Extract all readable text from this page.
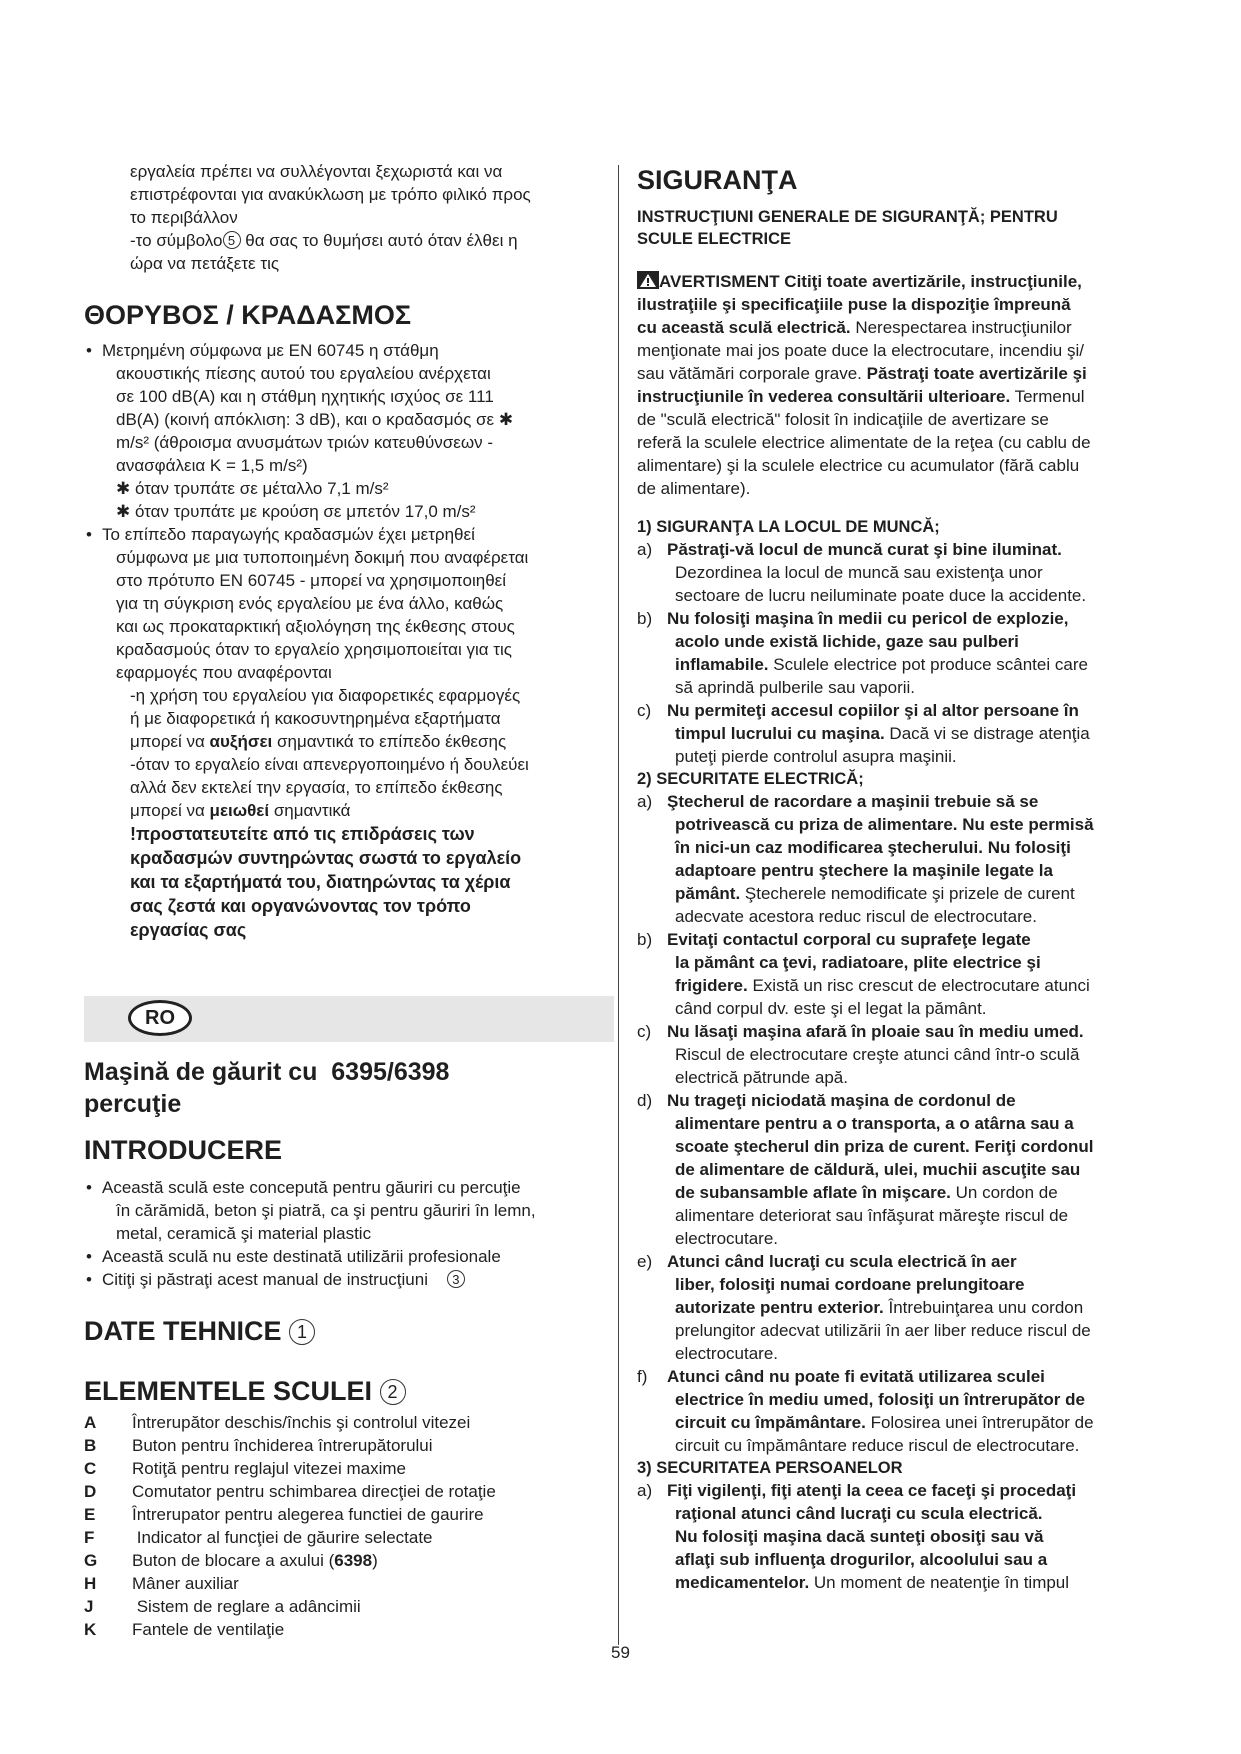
εργαλεία πρέπει να συλλέγονται ξεχωριστά και να

επιστρέφονται για ανακύκλωση με τρόπο φιλικό προς

το περιβάλλον

-το σύμβολο 5 θα σας το θυμήσει αυτό όταν έλθει η

ώρα να πετάξετε τις

ΘΟΡΥΒΟΣ / ΚΡΑΔΑΣΜΟΣ

• Μετρημένη σύμφωνα με EN 60745 η στάθμη

ακουστικής πίεσης αυτού του εργαλείου ανέρχεται

σε 100 dB(A) και η στάθμη ηχητικής ισχύος σε 111

dB(A) (κοινή απόκλιση: 3 dB), και ο κραδασμός σε ✱

m/s² (άθροισμα ανυσμάτων τριών κατευθύνσεων -

ανασφάλεια K = 1,5 m/s²)

✱ όταν τρυπάτε σε μέταλλο 7,1 m/s²

✱ όταν τρυπάτε με κρούση σε μπετόν 17,0 m/s²

• Το επίπεδο παραγωγής κραδασμών έχει μετρηθεί

σύμφωνα με μια τυποποιημένη δοκιμή που αναφέρεται

στο πρότυπο EN 60745 - μπορεί να χρησιμοποιηθεί

για τη σύγκριση ενός εργαλείου με ένα άλλο, καθώς

και ως προκαταρκτική αξιολόγηση της έκθεσης στους

κραδασμούς όταν το εργαλείο χρησιμοποιείται για τις

εφαρμογές που αναφέρονται

-η χρήση του εργαλείου για διαφορετικές εφαρμογές

ή με διαφορετικά ή κακοσυντηρημένα εξαρτήματα

μπορεί να αυξήσει σημαντικά το επίπεδο έκθεσης

-όταν το εργαλείο είναι απενεργοποιημένο ή δουλεύει

αλλά δεν εκτελεί την εργασία, το επίπεδο έκθεσης

μπορεί να μειωθεί σημαντικά

!προστατευτείτε από τις επιδράσεις των

κραδασμών συντηρώντας σωστά το εργαλείο

και τα εξαρτήματά του, διατηρώντας τα χέρια

σας ζεστά και οργανώνοντας τον τρόπο

εργασίας σας

RO
Maşină de găurit cu  6395/6398
percuţie
INTRODUCERE

• Această sculă este concepută pentru găuriri cu percuţie

în cărămidă, beton şi piatră, ca şi pentru găuriri în lemn,

metal, ceramică şi material plastic

• Această sculă nu este destinată utilizării profesionale
• Citiţi şi păstraţi acest manual de instrucţiuni 3
DATE TEHNICE 1
ELEMENTELE SCULEI 2
A	Întrerupător deschis/închis şi controlul vitezei
B	Buton pentru închiderea întrerupătorului
C	Rotiţă pentru reglajul vitezei maxime
D	Comutator pentru schimbarea direcţiei de rotaţie
E	Întrerupator pentru alegerea functiei de gaurire
F	Indicator al funcţiei de găurire selectate
G	Buton de blocare a axului (6398)
H	Mâner auxiliar
J	Sistem de reglare a adâncimii
K	Fantele de ventilaţie
SIGURANŢA
INSTRUCŢIUNI GENERALE DE SIGURANŢĂ; PENTRU
SCULE ELECTRICE

AVERTISMENT Citiţi toate avertizările, instrucţiunile,

ilustraţiile şi specificaţiile puse la dispoziţie împreună

cu această sculă electrică. Nerespectarea instrucţiunilor

menţionate mai jos poate duce la electrocutare, incendiu şi/

sau vătămări corporale grave. Păstraţi toate avertizările şi

instrucţiunile în vederea consultării ulterioare. Termenul

de "sculă electrică" folosit în indicaţiile de avertizare se

referă la sculele electrice alimentate de la reţea (cu cablu de

alimentare) şi la sculele electrice cu acumulator (fără cablu

de alimentare).

1) SIGURANŢA LA LOCUL DE MUNCĂ;
a) Păstraţi-vă locul de muncă curat şi bine iluminat.

Dezordinea la locul de muncă sau existenţa unor

sectoare de lucru neiluminate poate duce la accidente.

b) Nu folosiţi maşina în medii cu pericol de explozie,

acolo unde există lichide, gaze sau pulberi

inflamabile. Sculele electrice pot produce scântei care

să aprindă pulberile sau vaporii.

c) Nu permiteţi accesul copiilor şi al altor persoane în

timpul lucrului cu maşina. Dacă vi se distrage atenţia

puteţi pierde controlul asupra maşinii.

2) SECURITATE ELECTRICĂ;
a) Ştecherul de racordare a maşinii trebuie să se

potrivească cu priza de alimentare. Nu este permisă

în nici-un caz modificarea ştecherului. Nu folosiţi

adaptoare pentru ştechere la maşinile legate la

pământ. Ştecherele nemodificate şi prizele de curent

adecvate acestora reduc riscul de electrocutare.

b) Evitaţi contactul corporal cu suprafeţe legate

la pământ ca ţevi, radiatoare, plite electrice şi

frigidere. Există un risc crescut de electrocutare atunci

când corpul dv. este şi el legat la pământ.

c) Nu lăsaţi maşina afară în ploaie sau în mediu umed.

Riscul de electrocutare creşte atunci când într-o sculă

electrică pătrunde apă.

d) Nu trageţi niciodată maşina de cordonul de

alimentare pentru a o transporta, a o atârna sau a

scoate ştecherul din priza de curent. Feriţi cordonul

de alimentare de căldură, ulei, muchii ascuţite sau

de subansamble aflate în mişcare. Un cordon de

alimentare deteriorat sau înfăşurat măreşte riscul de

electrocutare.

e) Atunci când lucraţi cu scula electrică în aer

liber, folosiţi numai cordoane prelungitoare

autorizate pentru exterior. Întrebuinţarea unu cordon

prelungitor adecvat utilizării în aer liber reduce riscul de

electrocutare.

f) Atunci când nu poate fi evitată utilizarea sculei

electrice în mediu umed, folosiţi un întrerupător de

circuit cu împământare. Folosirea unei întrerupător de

circuit cu împământare reduce riscul de electrocutare.

3) SECURITATEA PERSOANELOR
a) Fiţi vigilenţi, fiţi atenţi la ceea ce faceţi şi procedaţi

raţional atunci când lucraţi cu scula electrică.

Nu folosiţi maşina dacă sunteţi obosiţi sau vă

aflaţi sub influenţa drogurilor, alcoolului sau a

medicamentelor. Un moment de neatenţie în timpul

59
